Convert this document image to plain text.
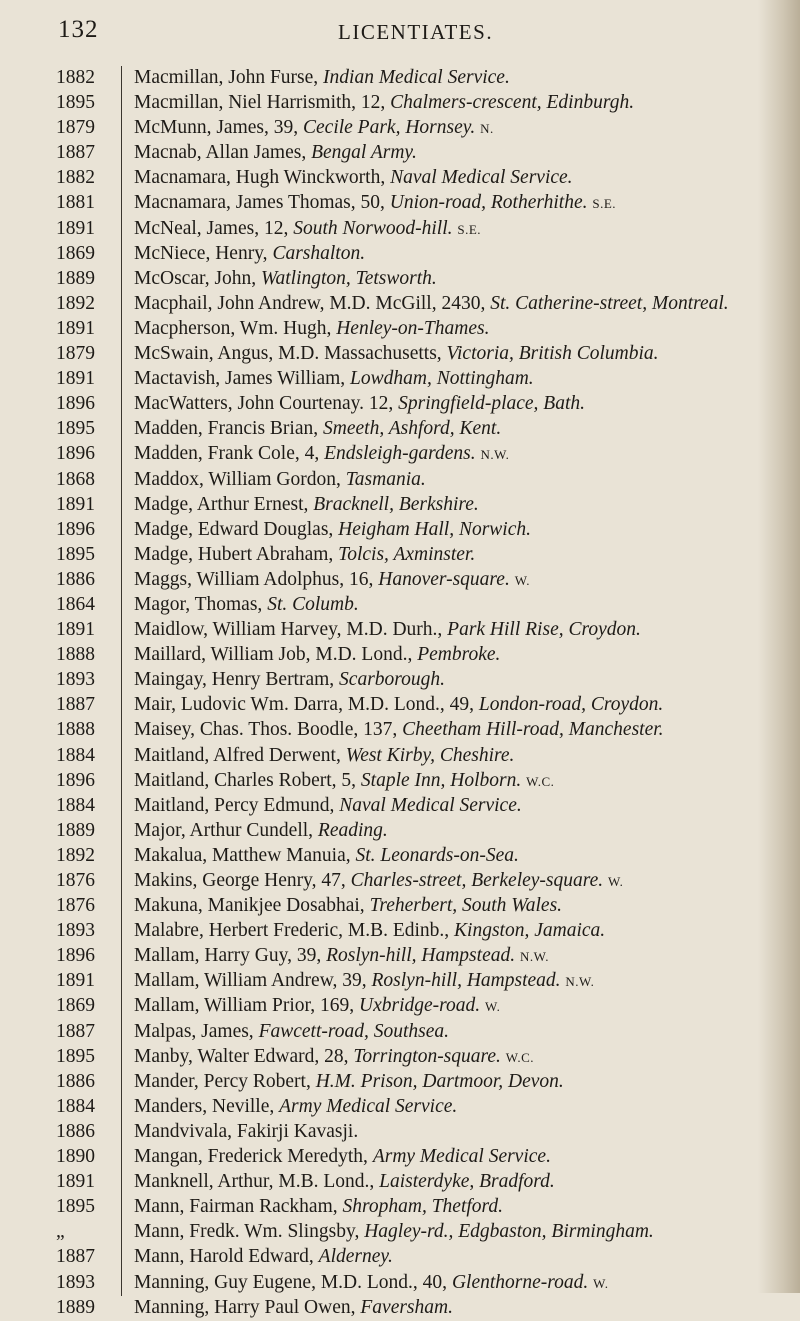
132	LICENTIATES.
1882	Macmillan, John Furse, Indian Medical Service.
1895	Macmillan, Niel Harrismith, 12, Chalmers-crescent, Edinburgh.
1879	McMunn, James, 39, Cecile Park, Hornsey. N.
1887	Macnab, Allan James, Bengal Army.
1882	Macnamara, Hugh Winckworth, Naval Medical Service.
1881	Macnamara, James Thomas, 50, Union-road, Rotherhithe. S.E.
1891	McNeal, James, 12, South Norwood-hill. S.E.
1869	McNiece, Henry, Carshalton.
1889	McOscar, John, Watlington, Tetsworth.
1892	Macphail, John Andrew, M.D. McGill, 2430, St. Catherine-street, Montreal.
1891	Macpherson, Wm. Hugh, Henley-on-Thames.
1879	McSwain, Angus, M.D. Massachusetts, Victoria, British Columbia.
1891	Mactavish, James William, Lowdham, Nottingham.
1896	MacWatters, John Courtenay. 12, Springfield-place, Bath.
1895	Madden, Francis Brian, Smeeth, Ashford, Kent.
1896	Madden, Frank Cole, 4, Endsleigh-gardens. N.W.
1868	Maddox, William Gordon, Tasmania.
1891	Madge, Arthur Ernest, Bracknell, Berkshire.
1896	Madge, Edward Douglas, Heigham Hall, Norwich.
1895	Madge, Hubert Abraham, Tolcis, Axminster.
1886	Maggs, William Adolphus, 16, Hanover-square. W.
1864	Magor, Thomas, St. Columb.
1891	Maidlow, William Harvey, M.D. Durh., Park Hill Rise, Croydon.
1888	Maillard, William Job, M.D. Lond., Pembroke.
1893	Maingay, Henry Bertram, Scarborough.
1887	Mair, Ludovic Wm. Darra, M.D. Lond., 49, London-road, Croydon.
1888	Maisey, Chas. Thos. Boodle, 137, Cheetham Hill-road, Manchester.
1884	Maitland, Alfred Derwent, West Kirby, Cheshire.
1896	Maitland, Charles Robert, 5, Staple Inn, Holborn. W.C.
1884	Maitland, Percy Edmund, Naval Medical Service.
1889	Major, Arthur Cundell, Reading.
1892	Makalua, Matthew Manuia, St. Leonards-on-Sea.
1876	Makins, George Henry, 47, Charles-street, Berkeley-square. W.
1876	Makuna, Manikjee Dosabhai, Treherbert, South Wales.
1893	Malabre, Herbert Frederic, M.B. Edinb., Kingston, Jamaica.
1896	Mallam, Harry Guy, 39, Roslyn-hill, Hampstead. N.W.
1891	Mallam, William Andrew, 39, Roslyn-hill, Hampstead. N.W.
1869	Mallam, William Prior, 169, Uxbridge-road. W.
1887	Malpas, James, Fawcett-road, Southsea.
1895	Manby, Walter Edward, 28, Torrington-square. W.C.
1886	Mander, Percy Robert, H.M. Prison, Dartmoor, Devon.
1884	Manders, Neville, Army Medical Service.
1886	Mandvivala, Fakirji Kavasji.
1890	Mangan, Frederick Meredyth, Army Medical Service.
1891	Manknell, Arthur, M.B. Lond., Laisterdyke, Bradford.
1895	Mann, Fairman Rackham, Shropham, Thetford.
„	Mann, Fredk. Wm. Slingsby, Hagley-rd., Edgbaston, Birmingham.
1887	Mann, Harold Edward, Alderney.
1893	Manning, Guy Eugene, M.D. Lond., 40, Glenthorne-road. W.
1889	Manning, Harry Paul Owen, Faversham.
